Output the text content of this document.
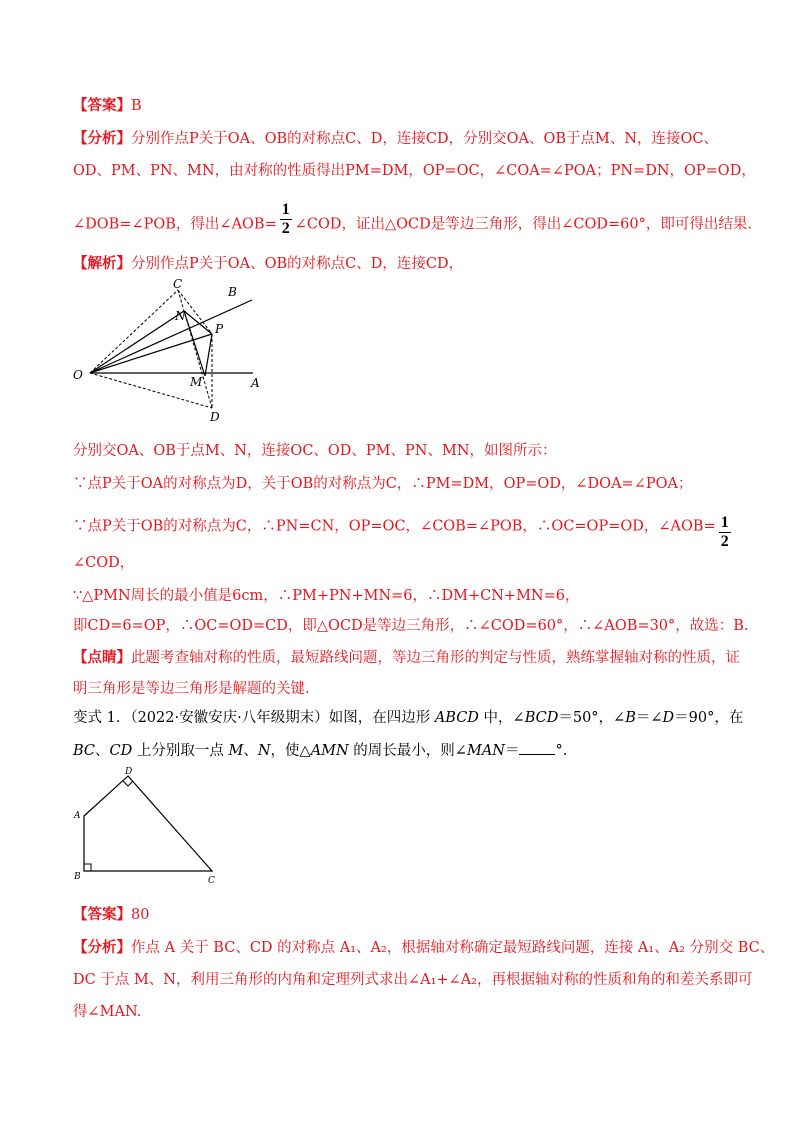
【答案】B
【分析】分别作点P关于OA、OB的对称点C、D，连接CD，分别交OA、OB于点M、N，连接OC、
OD、PM、PN、MN，由对称的性质得出PM=DM，OP=OC，∠COA=∠POA；PN=DN，OP=OD，
∠DOB=∠POB，得出∠AOB= $\frac{1}{2}$ ∠COD，证出△OCD是等边三角形，得出∠COD=60°，即可得出结果.
【解析】分别作点P关于OA、OB的对称点C、D，连接CD，
C
B
N
P
O	M	A
D
分别交OA、OB于点M、N，连接OC、OD、PM、PN、MN，如图所示：
∵点P关于OA的对称点为D，关于OB的对称点为C，∴PM=DM，OP=OD，∠DOA=∠POA；
∵点P关于OB的对称点为C，∴PN=CN，OP=OC，∠COB=∠POB，∴OC=OP=OD，∠AOB= $\frac{1}{2}$
∠COD，
∵△PMN周长的最小值是6cm，∴PM+PN+MN=6，∴DM+CN+MN=6，
即CD=6=OP，∴OC=OD=CD，即△OCD是等边三角形，∴∠COD=60°，∴∠AOB=30°，故选：B.
【点睛】此题考查轴对称的性质，最短路线问题，等边三角形的判定与性质，熟练掌握轴对称的性质，证
明三角形是等边三角形是解题的关键.
变式 1．（2022·安徽安庆·八年级期末）如图，在四边形 ABCD 中，∠BCD＝50°，∠B＝∠D＝90°，在
BC、CD 上分别取一点 M、N，使△AMN 的周长最小，则∠MAN＝ °.
D
A
B	C
【答案】80
【分析】作点 A 关于 BC、CD 的对称点 A₁、A₂，根据轴对称确定最短路线问题，连接 A₁、A₂ 分别交 BC、
DC 于点 M、N，利用三角形的内角和定理列式求出∠A₁+∠A₂，再根据轴对称的性质和角的和差关系即可
得∠MAN.
